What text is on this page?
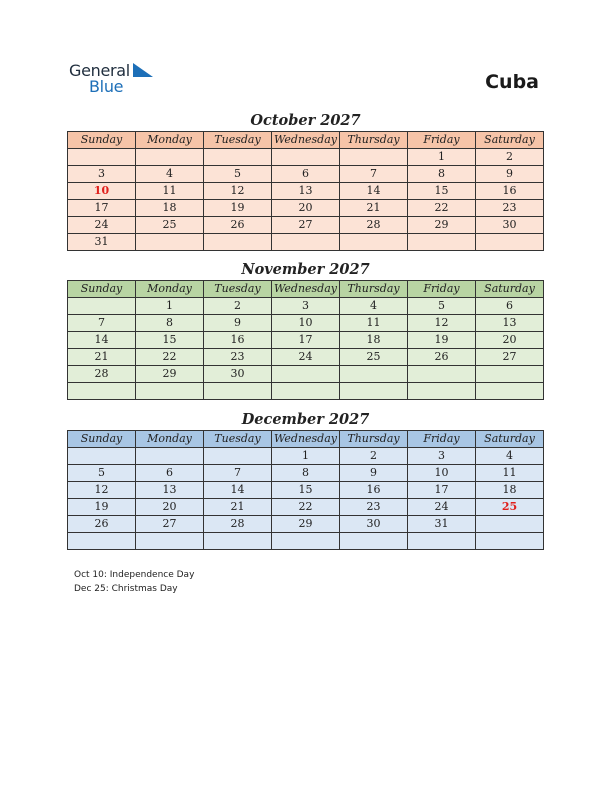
General
Blue	Cuba
October 2027
Sunday	Monday	Tuesday	Wednesday	Thursday	Friday	Saturday
					1	2
3	4	5	6	7	8	9
10	11	12	13	14	15	16
17	18	19	20	21	22	23
24	25	26	27	28	29	30
31						
November 2027
Sunday	Monday	Tuesday	Wednesday	Thursday	Friday	Saturday
	1	2	3	4	5	6
7	8	9	10	11	12	13
14	15	16	17	18	19	20
21	22	23	24	25	26	27
28	29	30				

December 2027
Sunday	Monday	Tuesday	Wednesday	Thursday	Friday	Saturday
			1	2	3	4
5	6	7	8	9	10	11
12	13	14	15	16	17	18
19	20	21	22	23	24	25
26	27	28	29	30	31	

Oct 10: Independence Day
Dec 25: Christmas Day
